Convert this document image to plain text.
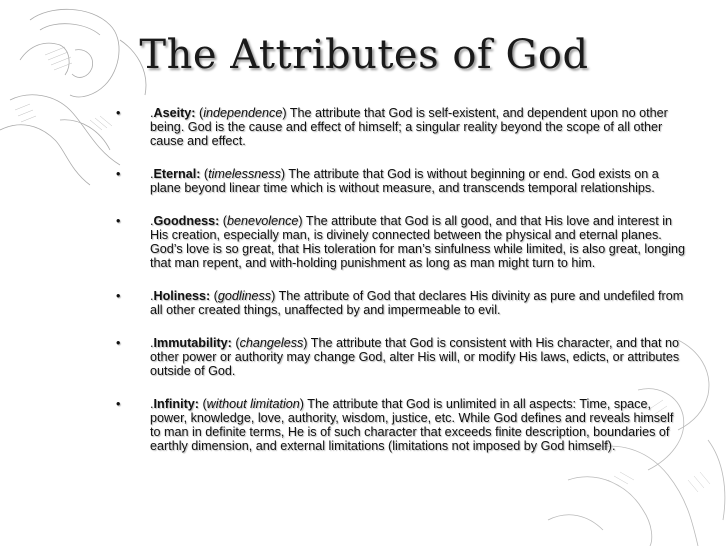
The Attributes of God
• .Aseity: (independence) The attribute that God is self-existent, and dependent upon no other being. God is the cause and effect of himself; a singular reality beyond the scope of all other cause and effect.
• .Eternal: (timelessness) The attribute that God is without beginning or end. God exists on a plane beyond linear time which is without measure, and transcends temporal relationships.
• .Goodness: (benevolence) The attribute that God is all good, and that His love and interest in His creation, especially man, is divinely connected between the physical and eternal planes. God’s love is so great, that His toleration for man’s sinfulness while limited, is also great, longing that man repent, and with-holding punishment as long as man might turn to him.
• .Holiness: (godliness) The attribute of God that declares His divinity as pure and undefiled from all other created things, unaffected by and impermeable to evil.
• .Immutability: (changeless) The attribute that God is consistent with His character, and that no other power or authority may change God, alter His will, or modify His laws, edicts, or attributes outside of God.
• .Infinity: (without limitation) The attribute that God is unlimited in all aspects: Time, space, power, knowledge, love, authority, wisdom, justice, etc. While God defines and reveals himself to man in definite terms, He is of such character that exceeds finite description, boundaries of earthly dimension, and external limitations (limitations not imposed by God himself).
